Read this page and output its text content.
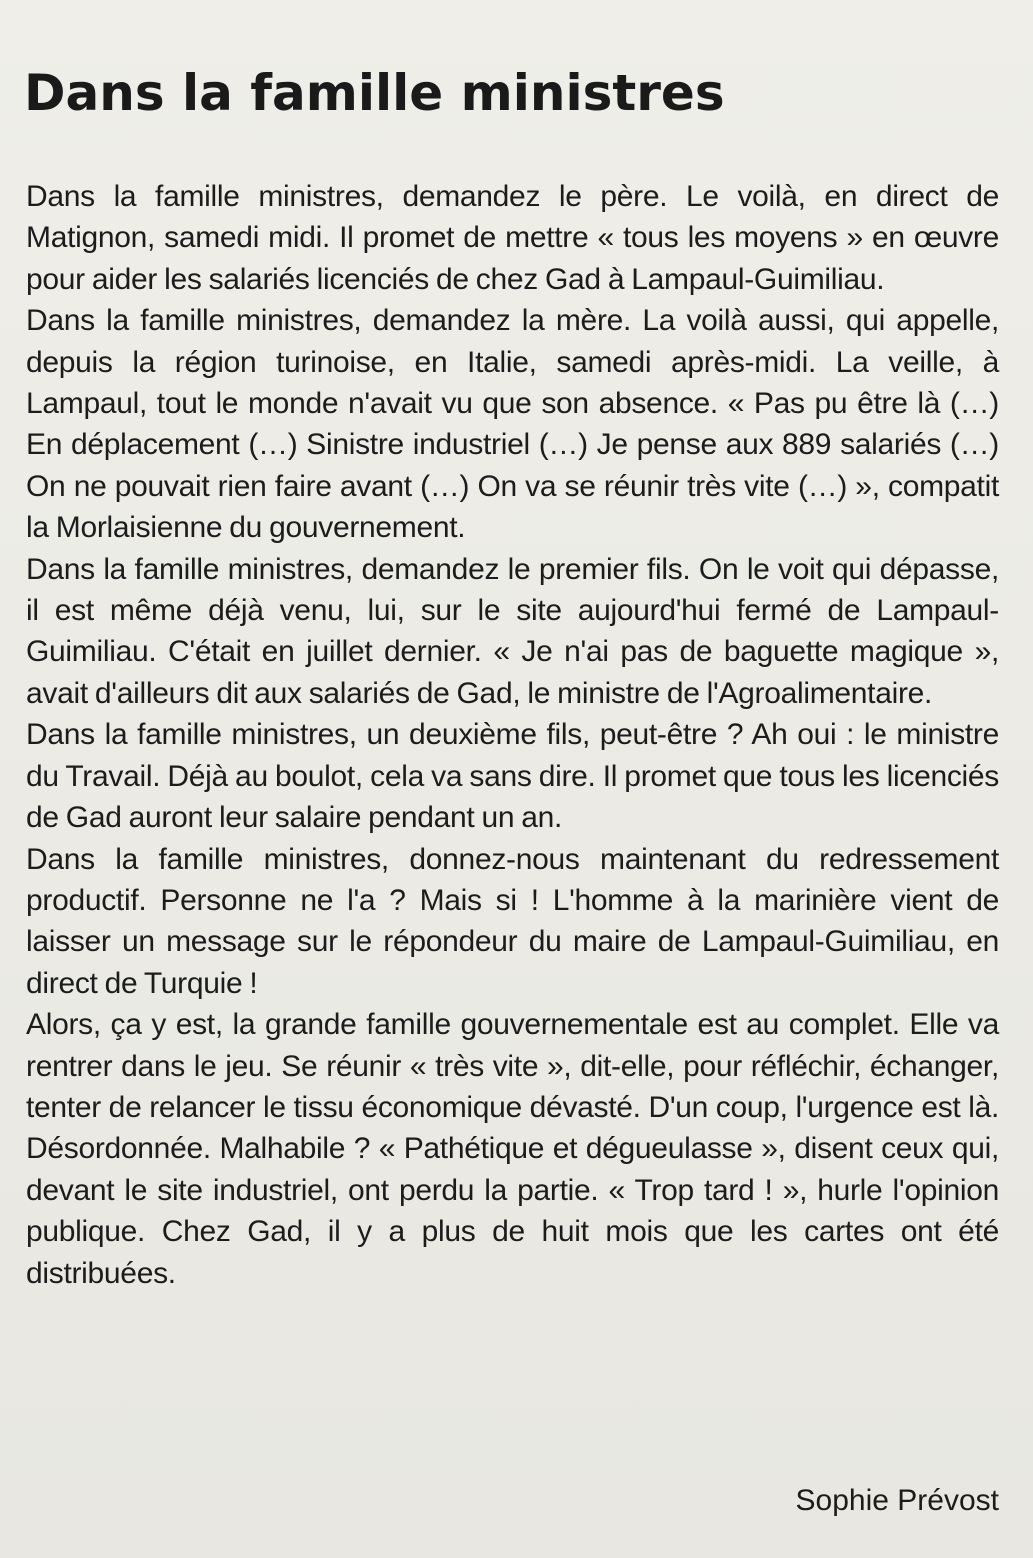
Dans la famille ministres

Dans la famille ministres, demandez le père. Le voilà, en direct de Matignon, samedi midi. Il promet de mettre « tous les moyens » en œuvre pour aider les salariés licenciés de chez Gad à Lampaul-Guimiliau.

Dans la famille ministres, demandez la mère. La voilà aussi, qui appelle, depuis la région turinoise, en Italie, samedi après-midi. La veille, à Lampaul, tout le monde n'avait vu que son absence. « Pas pu être là (…) En déplacement (…) Sinistre industriel (…) Je pense aux 889 salariés (…) On ne pouvait rien faire avant (…) On va se réunir très vite (…) », compatit la Morlaisienne du gouvernement.

Dans la famille ministres, demandez le premier fils. On le voit qui dépasse, il est même déjà venu, lui, sur le site aujourd'hui fermé de Lampaul-Guimiliau. C'était en juillet dernier. « Je n'ai pas de baguette magique », avait d'ailleurs dit aux salariés de Gad, le ministre de l'Agroalimentaire.

Dans la famille ministres, un deuxième fils, peut-être ? Ah oui : le ministre du Travail. Déjà au boulot, cela va sans dire. Il promet que tous les licenciés de Gad auront leur salaire pendant un an.

Dans la famille ministres, donnez-nous maintenant du redressement productif. Personne ne l'a ? Mais si ! L'homme à la marinière vient de laisser un message sur le répondeur du maire de Lampaul-Guimiliau, en direct de Turquie !

Alors, ça y est, la grande famille gouvernementale est au complet. Elle va rentrer dans le jeu. Se réunir « très vite », dit-elle, pour réfléchir, échanger, tenter de relancer le tissu économique dévasté. D'un coup, l'urgence est là. Désordonnée. Malhabile ? « Pathétique et dégueulasse », disent ceux qui, devant le site industriel, ont perdu la partie. « Trop tard ! », hurle l'opinion publique. Chez Gad, il y a plus de huit mois que les cartes ont été distribuées.

Sophie Prévost
